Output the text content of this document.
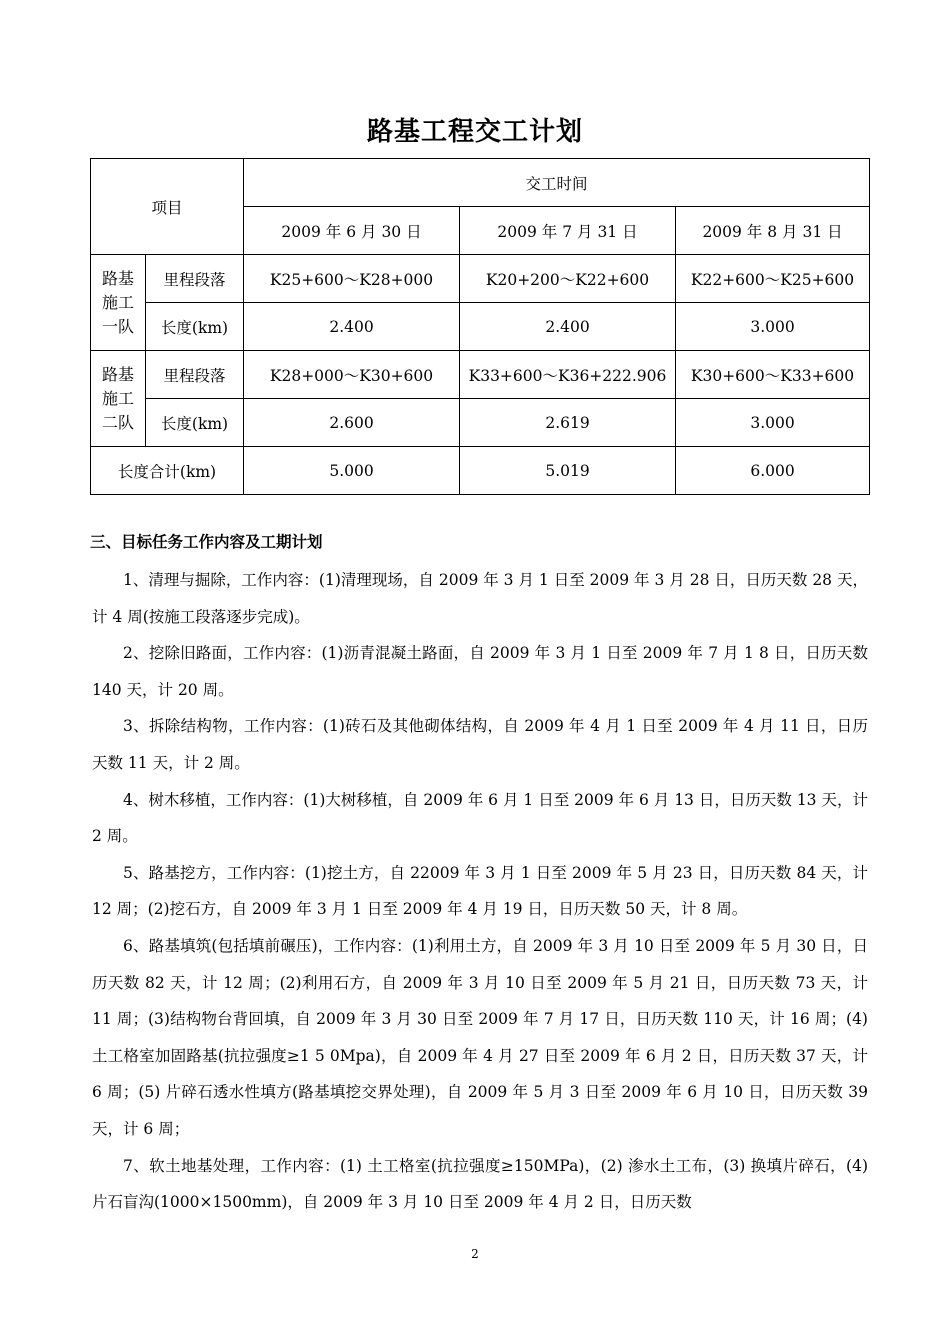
路基工程交工计划
项目		交工时间		
		2009 年 6 月 30 日	2009 年 7 月 31 日	2009 年 8 月 31 日
路基
施工
一队	里程段落	K25+600～K28+000	K20+200～K22+600	K22+600～K25+600
	长度(km)	2.400	2.400	3.000
路基
施工
二队	里程段落	K28+000～K30+600	K33+600～K36+222.906	K30+600～K33+600
	长度(km)	2.600	2.619	3.000
长度合计(km)		5.000	5.019	6.000
三、目标任务工作内容及工期计划

1、清理与掘除，工作内容：(1)清理现场，自 2009 年 3 月 1 日至 2009 年 3 月 28 日，日历天数 28 天，计 4 周(按施工段落逐步完成)。

2、挖除旧路面，工作内容：(1)沥青混凝土路面，自 2009 年 3 月 1 日至 2009 年 7 月 1 8 日，日历天数 140 天，计 20 周。

3、拆除结构物，工作内容：(1)砖石及其他砌体结构，自 2009 年 4 月 1 日至 2009 年 4 月 11 日，日历天数 11 天，计 2 周。

4、树木移植，工作内容：(1)大树移植，自 2009 年 6 月 1 日至 2009 年 6 月 13 日，日历天数 13 天，计 2 周。

5、路基挖方，工作内容：(1)挖土方，自 22009 年 3 月 1 日至 2009 年 5 月 23 日，日历天数 84 天，计 12 周；(2)挖石方，自 2009 年 3 月 1 日至 2009 年 4 月 19 日，日历天数 50 天，计 8 周。

6、路基填筑(包括填前碾压)，工作内容：(1)利用土方，自 2009 年 3 月 10 日至 2009 年 5 月 30 日，日历天数 82 天，计 12 周；(2)利用石方，自 2009 年 3 月 10 日至 2009 年 5 月 21 日，日历天数 73 天，计 11 周；(3)结构物台背回填，自 2009 年 3 月 30 日至 2009 年 7 月 17 日，日历天数 110 天，计 16 周；(4)土工格室加固路基(抗拉强度≥1 5 0Mpa)，自 2009 年 4 月 27 日至 2009 年 6 月 2 日，日历天数 37 天，计 6 周；(5) 片碎石透水性填方(路基填挖交界处理)，自 2009 年 5 月 3 日至 2009 年 6 月 10 日，日历天数 39 天，计 6 周；

7、软土地基处理，工作内容：(1) 土工格室(抗拉强度≥150MPa)，(2) 渗水土工布，(3) 换填片碎石，(4) 片石盲沟(1000×1500mm)，自 2009 年 3 月 10 日至 2009 年 4 月 2 日，日历天数

2
